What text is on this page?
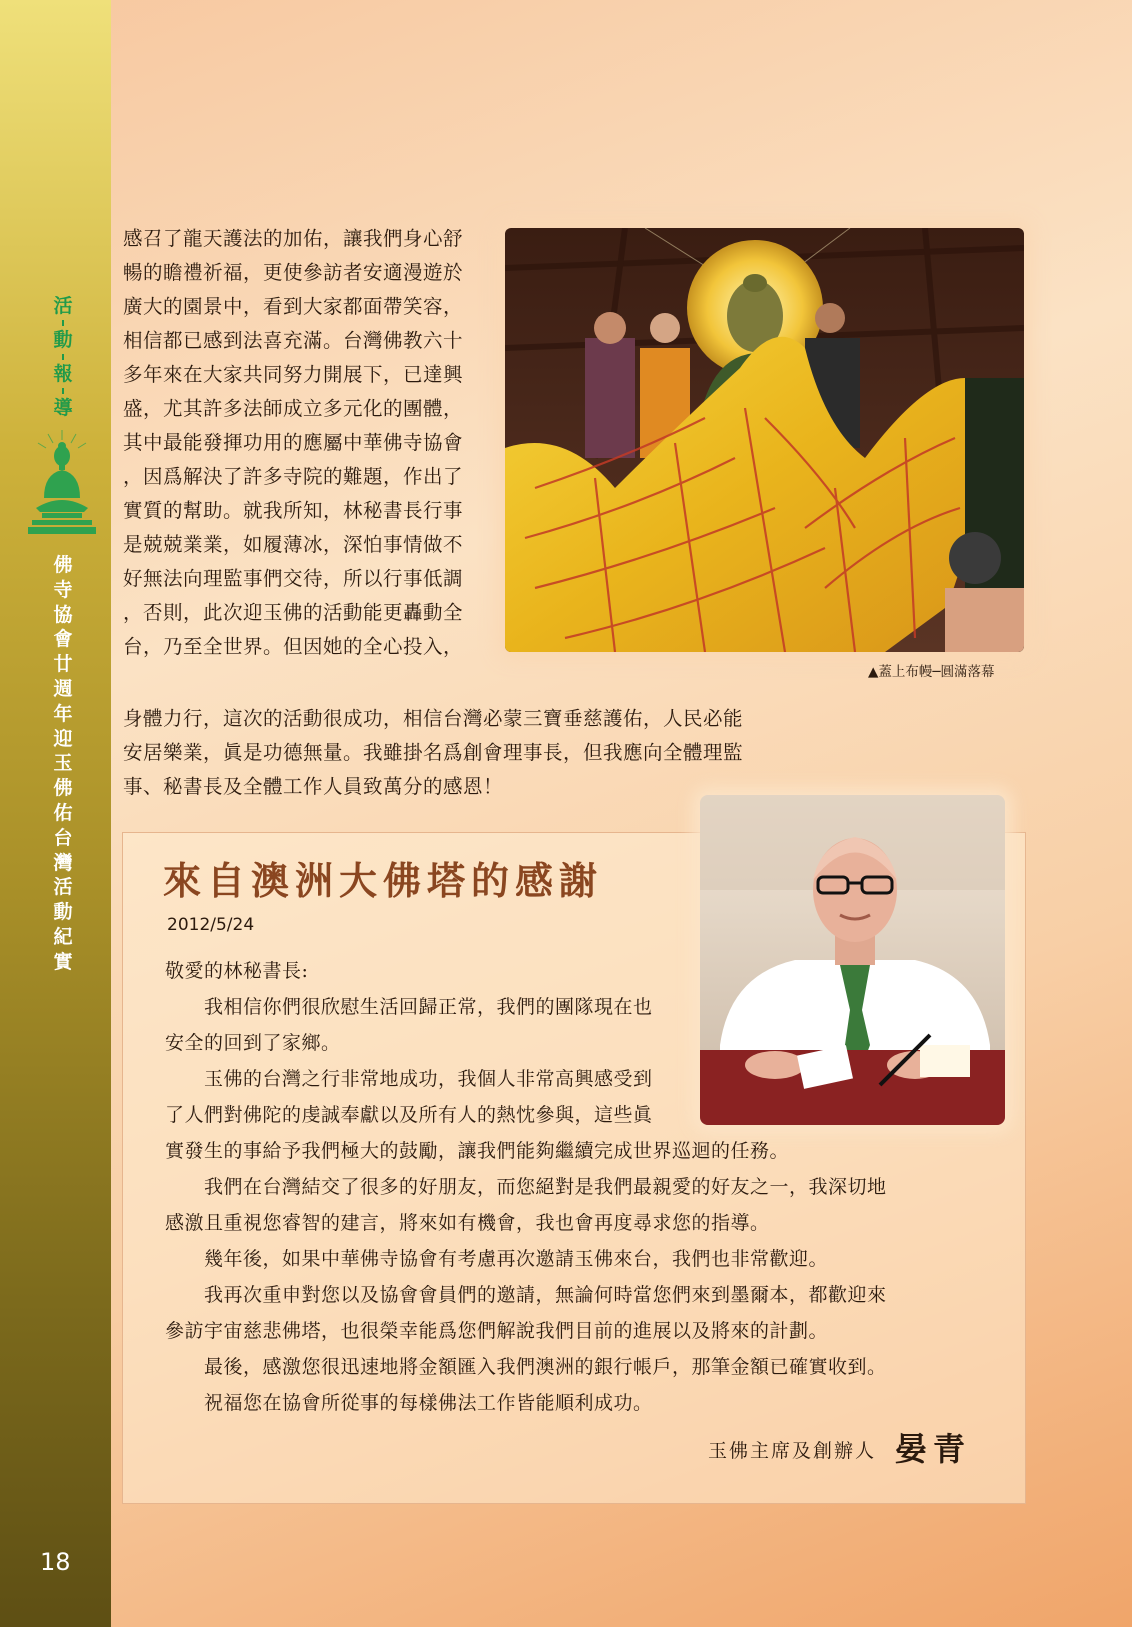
活
動
報
導
佛
寺
協
會
廿
週
年
迎
玉
佛
佑
台
灣
活
動
紀
實
18
感召了龍天護法的加佑，讓我們身心舒
暢的瞻禮祈福，更使參訪者安適漫遊於
廣大的園景中，看到大家都面帶笑容，
相信都已感到法喜充滿。台灣佛教六十
多年來在大家共同努力開展下，已達興
盛，尤其許多法師成立多元化的團體，
其中最能發揮功用的應屬中華佛寺協會
，因爲解決了許多寺院的難題，作出了
實質的幫助。就我所知，林秘書長行事
是兢兢業業，如履薄冰，深怕事情做不
好無法向理監事們交待，所以行事低調
，否則，此次迎玉佛的活動能更轟動全
台，乃至全世界。但因她的全心投入，
身體力行，這次的活動很成功，相信台灣必蒙三寶垂慈護佑，人民必能
安居樂業，眞是功德無量。我雖掛名爲創會理事長，但我應向全體理監
事、秘書長及全體工作人員致萬分的感恩！
▲蓋上布幔─圓滿落幕
來自澳洲大佛塔的感謝
2012/5/24
敬愛的林秘書長:
　　我相信你們很欣慰生活回歸正常，我們的團隊現在也
安全的回到了家鄉。
　　玉佛的台灣之行非常地成功，我個人非常高興感受到
了人們對佛陀的虔誠奉獻以及所有人的熱忱參與，這些眞
實發生的事給予我們極大的鼓勵，讓我們能夠繼續完成世界巡迴的任務。
　　我們在台灣結交了很多的好朋友，而您絕對是我們最親愛的好友之一，我深切地
感激且重視您睿智的建言，將來如有機會，我也會再度尋求您的指導。
　　幾年後，如果中華佛寺協會有考慮再次邀請玉佛來台，我們也非常歡迎。
　　我再次重申對您以及協會會員們的邀請，無論何時當您們來到墨爾本，都歡迎來
參訪宇宙慈悲佛塔，也很榮幸能爲您們解說我們目前的進展以及將來的計劃。
　　最後，感激您很迅速地將金額匯入我們澳洲的銀行帳戶，那筆金額已確實收到。
　　祝福您在協會所從事的每樣佛法工作皆能順利成功。
玉佛主席及創辦人 晏青
